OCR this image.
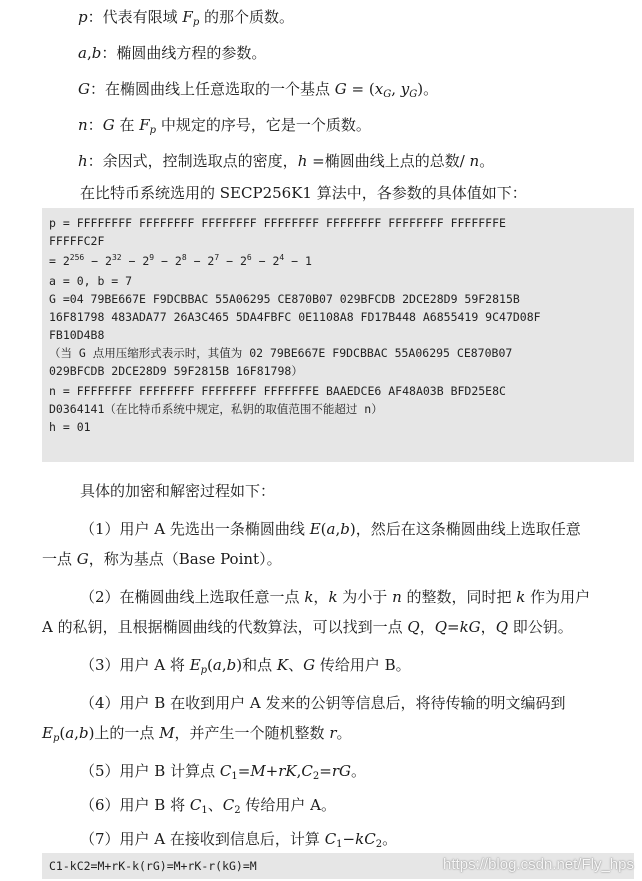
p：代表有限域 $F_p$ 的那个质数。
a,b：椭圆曲线方程的参数。
G：在椭圆曲线上任意选取的一个基点 $G = (x_G$, $y_G$)。
n：G 在 $F_p$ 中规定的序号，它是一个质数。
h：余因式，控制选取点的密度，h =椭圆曲线上点的总数/ n。
在比特币系统选用的 SECP256K1 算法中，各参数的具体值如下：
p = FFFFFFFF FFFFFFFF FFFFFFFF FFFFFFFF FFFFFFFF FFFFFFFF FFFFFFFE
FFFFFC2F
= $2^{256} - 2^{32} - 2^9 - 2^8 - 2^7 - 2^6 - 2^4 - 1$
a = 0, b = 7
G =04 79BE667E F9DCBBAC 55A06295 CE870B07 029BFCDB 2DCE28D9 59F2815B
16F81798 483ADA77 26A3C465 5DA4FBFC 0E1108A8 FD17B448 A6855419 9C47D08F
FB10D4B8
（当 G 点用压缩形式表示时，其值为 02 79BE667E F9DCBBAC 55A06295 CE870B07
029BFCDB 2DCE28D9 59F2815B 16F81798）
n = FFFFFFFF FFFFFFFF FFFFFFFF FFFFFFFE BAAEDCE6 AF48A03B BFD25E8C
D0364141（在比特币系统中规定，私钥的取值范围不能超过 n）
h = 01
具体的加密和解密过程如下：
（1）用户 A 先选出一条椭圆曲线 E(a,b)，然后在这条椭圆曲线上选取任意
一点 G，称为基点（Base Point）。
（2）在椭圆曲线上选取任意一点 k，k 为小于 n 的整数，同时把 k 作为用户
A 的私钥，且根据椭圆曲线的代数算法，可以找到一点 Q，Q=kG，Q 即公钥。
（3）用户 A 将 $E_p(a,b)$和点 K、G 传给用户 B。
（4）用户 B 在收到用户 A 发来的公钥等信息后，将待传输的明文编码到
$E_p(a,b)$上的一点 M，并产生一个随机整数 r。
（5）用户 B 计算点 $C_1=M+rK,C_2=rG$。
（6）用户 B 将 $C_1$、$C_2$ 传给用户 A。
（7）用户 A 在接收到信息后，计算 $C_1-kC_2$。
C1-kC2=M+rK-k(rG)=M+rK-r(kG)=M	https://blog.csdn.net/Fly_hps
